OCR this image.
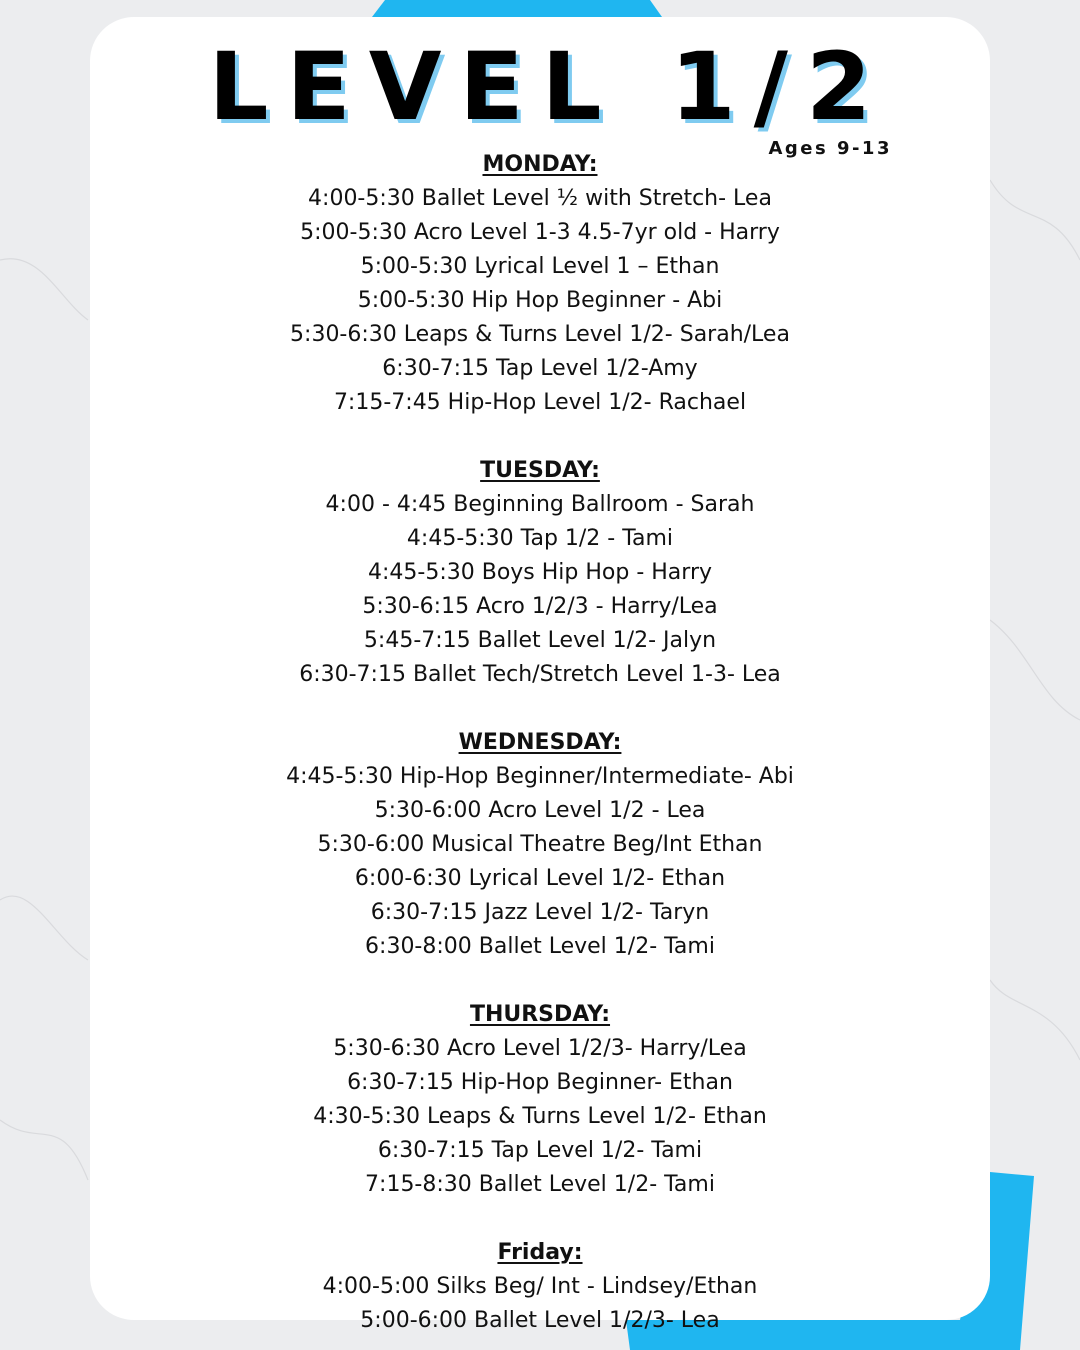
LEVEL 1/2
Ages 9-13
MONDAY:
4:00-5:30 Ballet Level ½ with Stretch- Lea
5:00-5:30 Acro Level 1-3 4.5-7yr old - Harry
5:00-5:30 Lyrical Level 1 – Ethan
5:00-5:30 Hip Hop Beginner - Abi
5:30-6:30 Leaps & Turns Level 1/2- Sarah/Lea
6:30-7:15 Tap Level 1/2-Amy
7:15-7:45 Hip-Hop Level 1/2- Rachael
TUESDAY:
4:00 - 4:45 Beginning Ballroom - Sarah
4:45-5:30 Tap 1/2 - Tami
4:45-5:30 Boys Hip Hop - Harry
5:30-6:15 Acro 1/2/3 - Harry/Lea
5:45-7:15 Ballet Level 1/2- Jalyn
6:30-7:15 Ballet Tech/Stretch Level 1-3- Lea
WEDNESDAY:
4:45-5:30 Hip-Hop Beginner/Intermediate- Abi
5:30-6:00 Acro Level 1/2 - Lea
5:30-6:00 Musical Theatre Beg/Int Ethan
6:00-6:30 Lyrical Level 1/2- Ethan
6:30-7:15 Jazz Level 1/2- Taryn
6:30-8:00 Ballet Level 1/2- Tami
THURSDAY:
5:30-6:30 Acro Level 1/2/3- Harry/Lea
6:30-7:15 Hip-Hop Beginner- Ethan
4:30-5:30 Leaps & Turns Level 1/2- Ethan
6:30-7:15 Tap Level 1/2- Tami
7:15-8:30 Ballet Level 1/2- Tami
Friday:
4:00-5:00 Silks Beg/ Int - Lindsey/Ethan
5:00-6:00 Ballet Level 1/2/3- Lea
